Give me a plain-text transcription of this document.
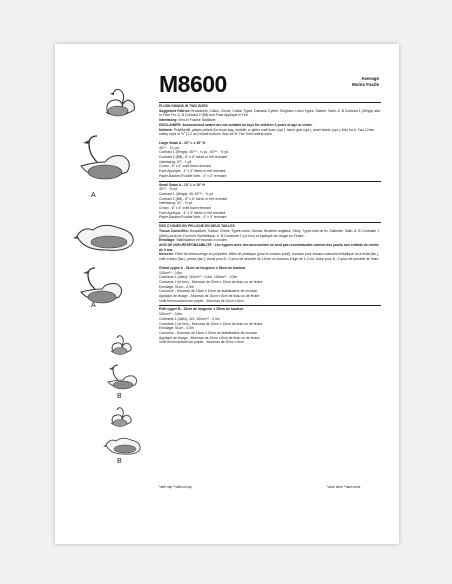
A
A
B
B
M8600	Average
Moins Facile

PLUSH SWANS IN TWO SIZES

Suggested Fabrics: Broadcloth, Calico, Chintz, Cotton Types, Damask, Eyelet, Gingham, Linen Types, Sateen, Satin. A, B Contrast 1 (Wings) also in Faux Fur. A, B Contrast 2 (Bill) and Face Appliqué in Felt.

Interfacing: Sew-in Fusible Stabilizer.

DISCLAIMER: Accessorized swans are not suitable as toys for children 3 years of age or under.

Notions: Polyfiberfill, plastic pellets (for bean bag, metallic or glitter craft foam (opt.), fabric glue (opt.), pearl beads (opt.). Also for A: Two 12mm safety eyes or ½" (1.2 cm) shank buttons. Also for B: Two 9mm safety eyes.

Large Swan A - 20" L x 15" H

45"** - 1¼ yd.

Contrast 1 (Wings): 45"** - ¾ yd., 60"** - ½ yd.

Contrast 2 (Bill) - 8" x 6" fabric or felt remnant

Interfacing: 20" - 1 yd.

Crown - 6" x 4" craft foam remnant

Face Appliqué - 4" x 3" fabric or felt remnant

Paper-Backed Fusible Web - 4" x 3" remnant

Small Swan A - 13" L x 10" H

45"** - ⅝ yd.

Contrast 1 (Wings): 45, 60"** - ⅜ yd.

Contrast 2 (Bill) - 8" x 6" fabric or felt remnant

Interfacing: 20" - ⅜ yd.

Crown - 6" x 4" craft foam remnant

Face Appliqué - 4" x 3" fabric or felt remnant

Paper-Backed Fusible Web - 4" x 3" remnant

DES CYGNES EN PELUCHE EN DEUX TAILLES

Tissus Conseillés: Broadcloth, Calicot, Chintz, Types coton, Damas, Broderie anglaise, Vichy, Types toile de lin, Satinette, Satin. A, B Contraste 1 (Ailes) aussi en Fourrure Synthétique. A, B Contraste 2 (Le bec) et Appliqué de visage en Feutre.

Entoilage: Stabilisateur en mousse à coudre.

AVIS DE NON-RESPONSABILITÉ : Les cygnes avec des accessoires ne sont pas recommandés comme des jouets aux enfants de moins de 3 ans.

Mercerie: Fibre de rembourrage en polyester, billes de plastique (pour le coussin poufi), mousse pour travaux manuels métallique ou à éclat (fac.), colle à tissu (fac.), perles (fac.). Aussi pour A : 2 yeux de sécurité de 12mm ou boutons à tige de 1,2 cm. Aussi pour B : 2 yeux de sécurité de 9mm.

Grand cygne A - 51cm de longueur x 38cm de hauteur

115cm** - 0,8m

Contraste 1 (Ailes): 115cm** - 0,6m, 150cm** - 0,5m

Contraste 2 (le bec) - Morceau de 20cm x 10cm de tissu ou de feutre

Entoilage: 51cm - 0,9m

Couronne - Morceau de 15cm x 10cm de stabilisateur de mousse

Appliqué de visage - Morceau de 10cm x 8cm de tissu ou de feutre

Voile thermocollant sur papier - Morceau de 10cm x 8cm

Petit cygne B - 33cm de longueur x 25cm de hauteur

115cm** - 0,6m

Contraste 1 (Ailes): 115, 150cm** - 0,3m

Contraste 2 (le bec) - Morceau de 20cm x 10cm de tissu ou de feutre

Entoilage: 51cm - 0,3m

Couronne - Morceau de 15cm x 10cm de stabilisateur de mousse

Appliqué de visage - Morceau de 10cm x 8cm de tissu ou de feutre

Voile thermocollant sur papier - Morceau de 10cm x 8cm

*with nap **without nap	*avec sens **sans sens
